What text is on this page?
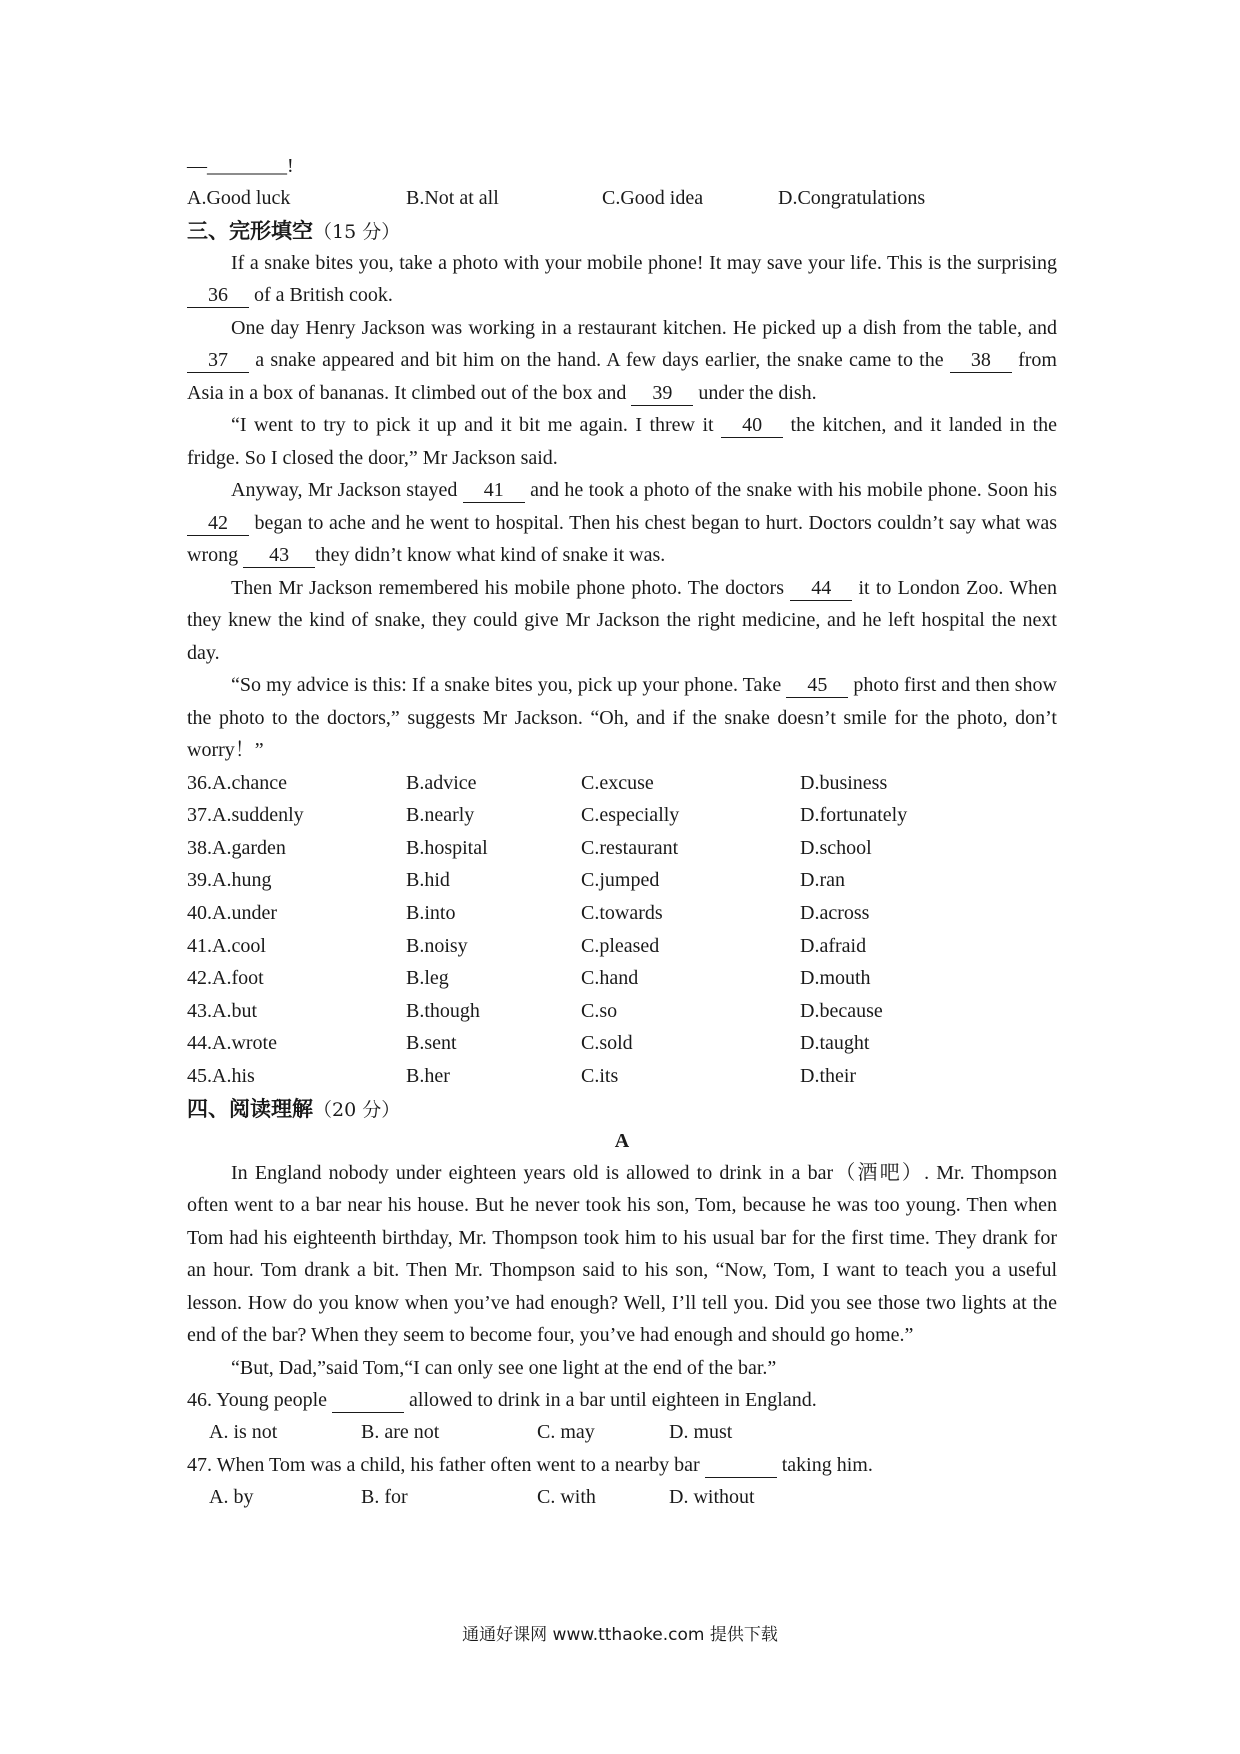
—________!
A.Good luck	B.Not at all	C.Good idea	D.Congratulations
三、完形填空（15 分）

If a snake bites you, take a photo with your mobile phone! It may save your life. This is the surprising 36 of a British cook.

One day Henry Jackson was working in a restaurant kitchen. He picked up a dish from the table, and 37 a snake appeared and bit him on the hand. A few days earlier, the snake came to the 38 from Asia in a box of bananas. It climbed out of the box and 39 under the dish.

“I went to try to pick it up and it bit me again. I threw it 40 the kitchen, and it landed in the fridge. So I closed the door,” Mr Jackson said.

Anyway, Mr Jackson stayed 41 and he took a photo of the snake with his mobile phone. Soon his 42 began to ache and he went to hospital. Then his chest began to hurt. Doctors couldn’t say what was wrong 43 they didn’t know what kind of snake it was.

Then Mr Jackson remembered his mobile phone photo. The doctors 44 it to London Zoo. When they knew the kind of snake, they could give Mr Jackson the right medicine, and he left hospital the next day.

“So my advice is this: If a snake bites you, pick up your phone. Take 45 photo first and then show the photo to the doctors,” suggests Mr Jackson. “Oh, and if the snake doesn’t smile for the photo, don’t worry！”

36.A.chance	B.advice	C.excuse	D.business
37.A.suddenly	B.nearly	C.especially	D.fortunately
38.A.garden	B.hospital	C.restaurant	D.school
39.A.hung	B.hid	C.jumped	D.ran
40.A.under	B.into	C.towards	D.across
41.A.cool	B.noisy	C.pleased	D.afraid
42.A.foot	B.leg	C.hand	D.mouth
43.A.but	B.though	C.so	D.because
44.A.wrote	B.sent	C.sold	D.taught
45.A.his	B.her	C.its	D.their
四、阅读理解（20 分）
A

In England nobody under eighteen years old is allowed to drink in a bar（酒吧）. Mr. Thompson often went to a bar near his house. But he never took his son, Tom, because he was too young. Then when Tom had his eighteenth birthday, Mr. Thompson took him to his usual bar for the first time. They drank for an hour. Tom drank a bit. Then Mr. Thompson said to his son, “Now, Tom, I want to teach you a useful lesson. How do you know when you’ve had enough? Well, I’ll tell you. Did you see those two lights at the end of the bar? When they seem to become four, you’ve had enough and should go home.”

“But, Dad,”said Tom,“I can only see one light at the end of the bar.”

46. Young people	allowed to drink in a bar until eighteen in England.
A. is not	B. are not	C. may	D. must
47. When Tom was a child, his father often went to a nearby bar	taking him.
A. by	B. for	C. with	D. without
通通好课网 www.tthaoke.com 提供下载
